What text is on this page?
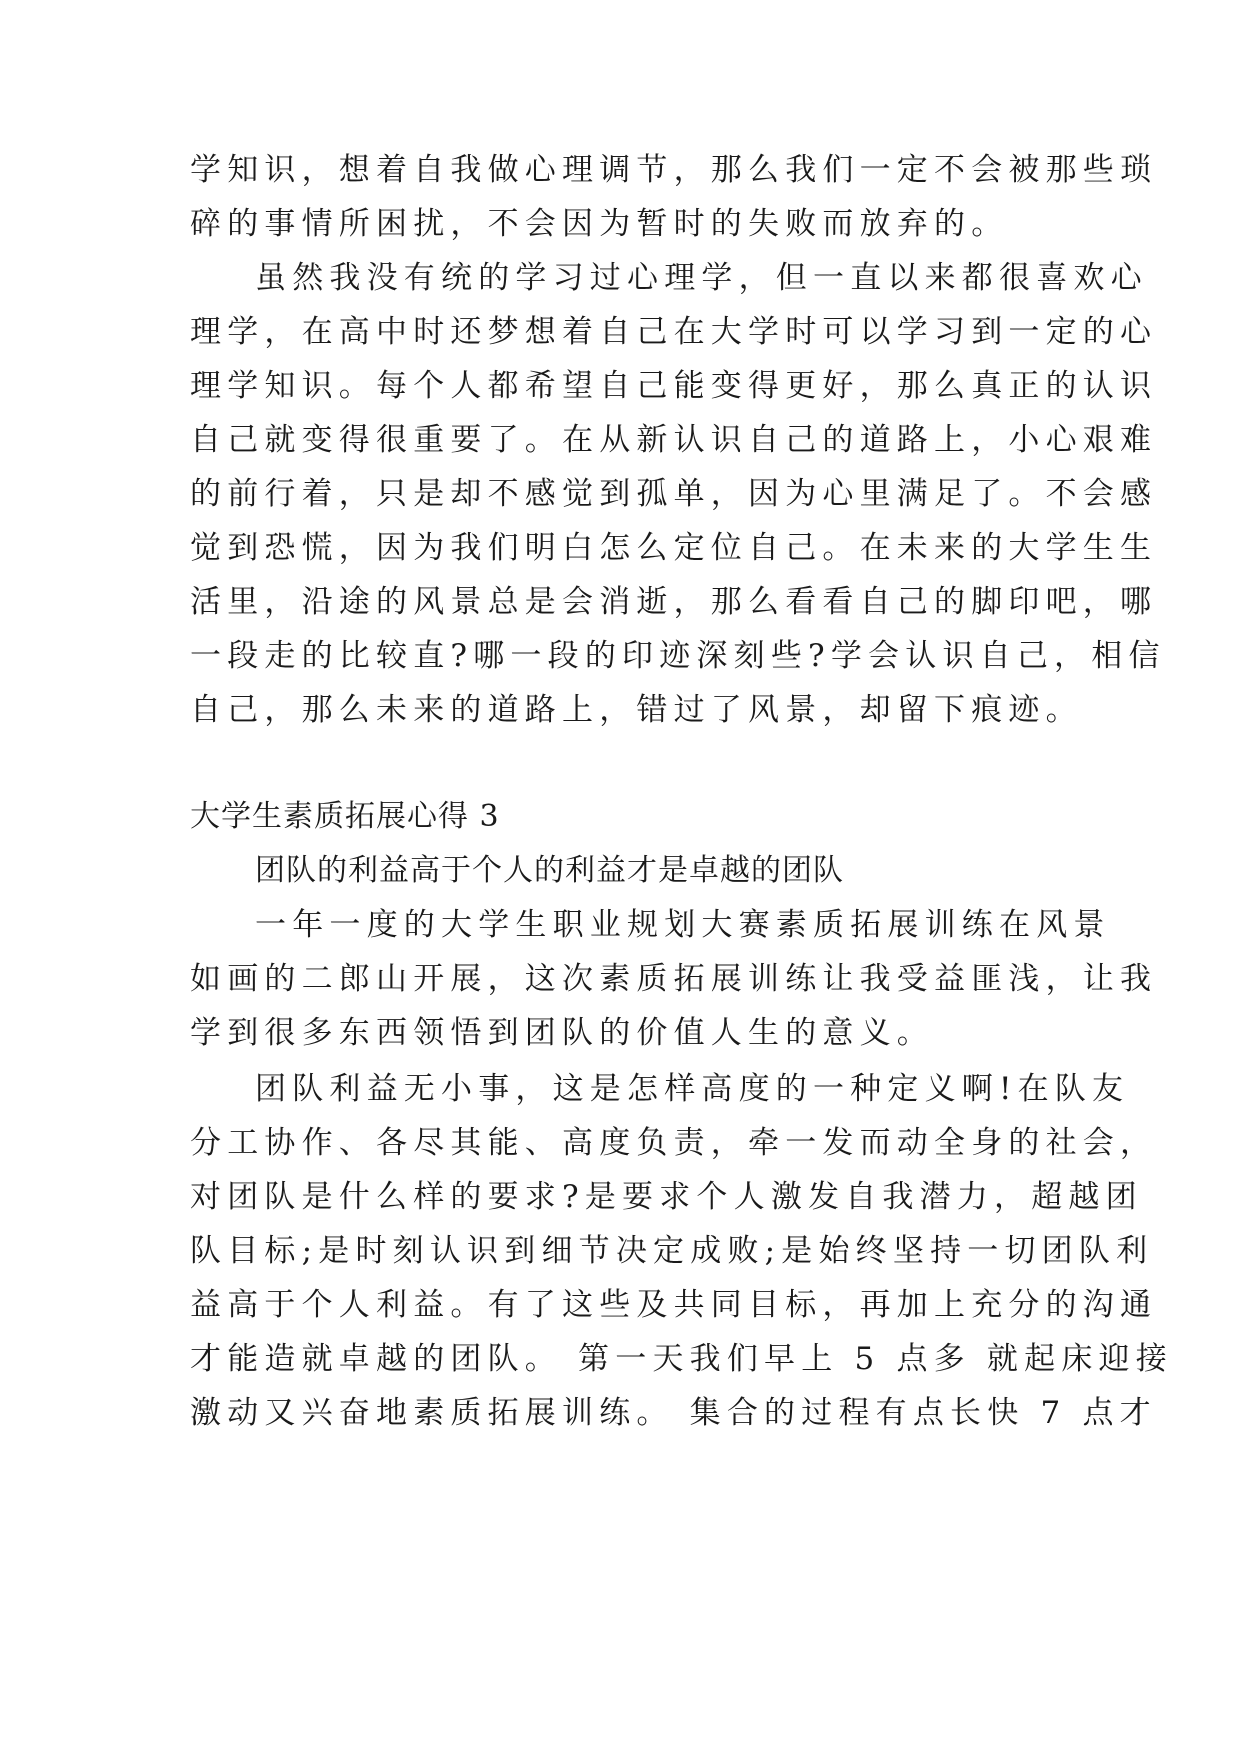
学知识，想着自我做心理调节，那么我们一定不会被那些琐
碎的事情所困扰，不会因为暂时的失败而放弃的。
虽然我没有统的学习过心理学，但一直以来都很喜欢心
理学，在高中时还梦想着自己在大学时可以学习到一定的心
理学知识。每个人都希望自己能变得更好，那么真正的认识
自己就变得很重要了。在从新认识自己的道路上，小心艰难
的前行着，只是却不感觉到孤单，因为心里满足了。不会感
觉到恐慌，因为我们明白怎么定位自己。在未来的大学生生
活里，沿途的风景总是会消逝，那么看看自己的脚印吧，哪
一段走的比较直?哪一段的印迹深刻些?学会认识自己，相信
自己，那么未来的道路上，错过了风景，却留下痕迹。
大学生素质拓展心得 3
团队的利益高于个人的利益才是卓越的团队
一年一度的大学生职业规划大赛素质拓展训练在风景
如画的二郎山开展，这次素质拓展训练让我受益匪浅，让我
学到很多东西领悟到团队的价值人生的意义。
团队利益无小事，这是怎样高度的一种定义啊!在队友
分工协作、各尽其能、高度负责，牵一发而动全身的社会，
对团队是什么样的要求?是要求个人激发自我潜力，超越团
队目标;是时刻认识到细节决定成败;是始终坚持一切团队利
益高于个人利益。有了这些及共同目标，再加上充分的沟通
才能造就卓越的团队。 第一天我们早上 5 点多 就起床迎接
激动又兴奋地素质拓展训练。 集合的过程有点长快 7 点才
